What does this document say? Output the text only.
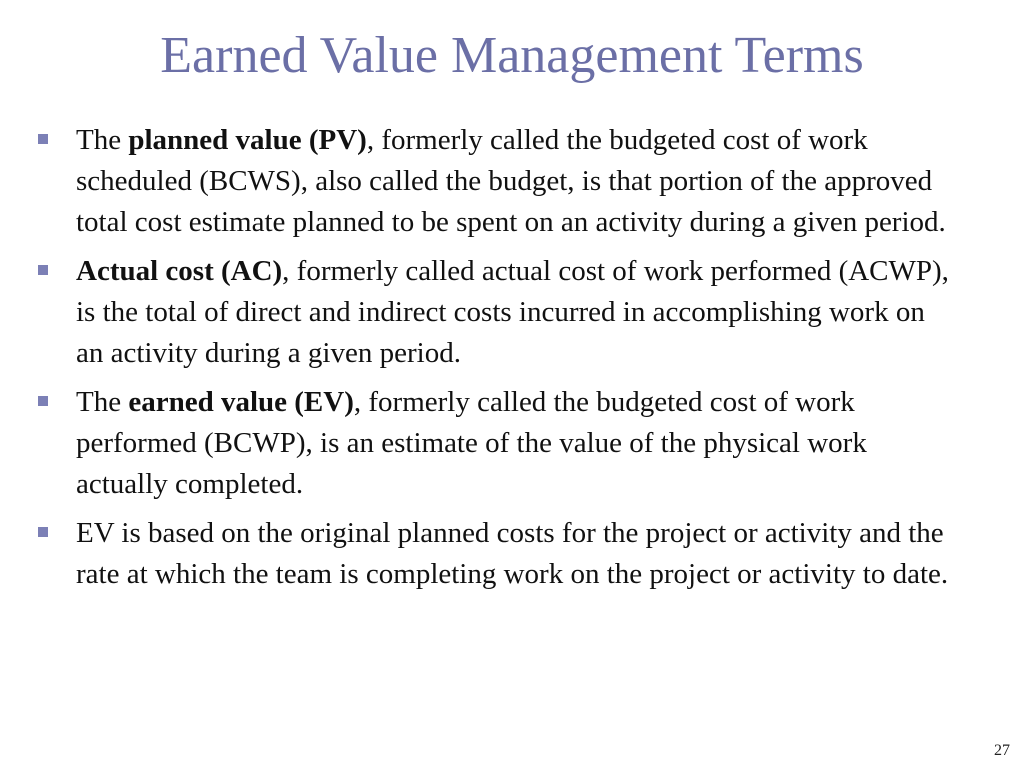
Earned Value Management Terms
The planned value (PV), formerly called the budgeted cost of work scheduled (BCWS), also called the budget, is that portion of the approved total cost estimate planned to be spent on an activity during a given period.
Actual cost (AC), formerly called actual cost of work performed (ACWP), is the total of direct and indirect costs incurred in accomplishing work on an activity during a given period.
The earned value (EV), formerly called the budgeted cost of work performed (BCWP), is an estimate of the value of the physical work actually completed.
EV is based on the original planned costs for the project or activity and the rate at which the team is completing work on the project or activity to date.
27
